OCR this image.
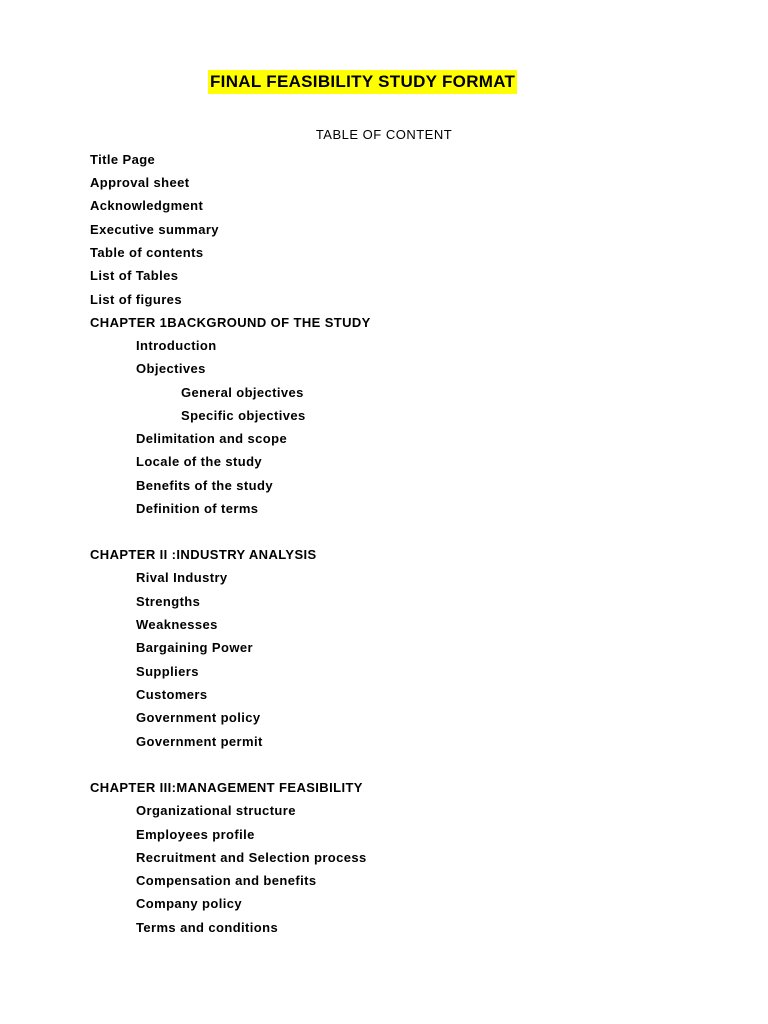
FINAL FEASIBILITY STUDY FORMAT
TABLE OF CONTENT
Title Page
Approval sheet
Acknowledgment
Executive summary
Table of contents
List of Tables
List of figures
CHAPTER 1BACKGROUND OF THE STUDY
Introduction
Objectives
General objectives
Specific objectives
Delimitation and scope
Locale of the study
Benefits of the study
Definition of terms
CHAPTER II :INDUSTRY ANALYSIS
Rival Industry
Strengths
Weaknesses
Bargaining Power
Suppliers
Customers
Government policy
Government permit
CHAPTER III:MANAGEMENT FEASIBILITY
Organizational structure
Employees profile
Recruitment and Selection process
Compensation and benefits
Company policy
Terms and conditions
